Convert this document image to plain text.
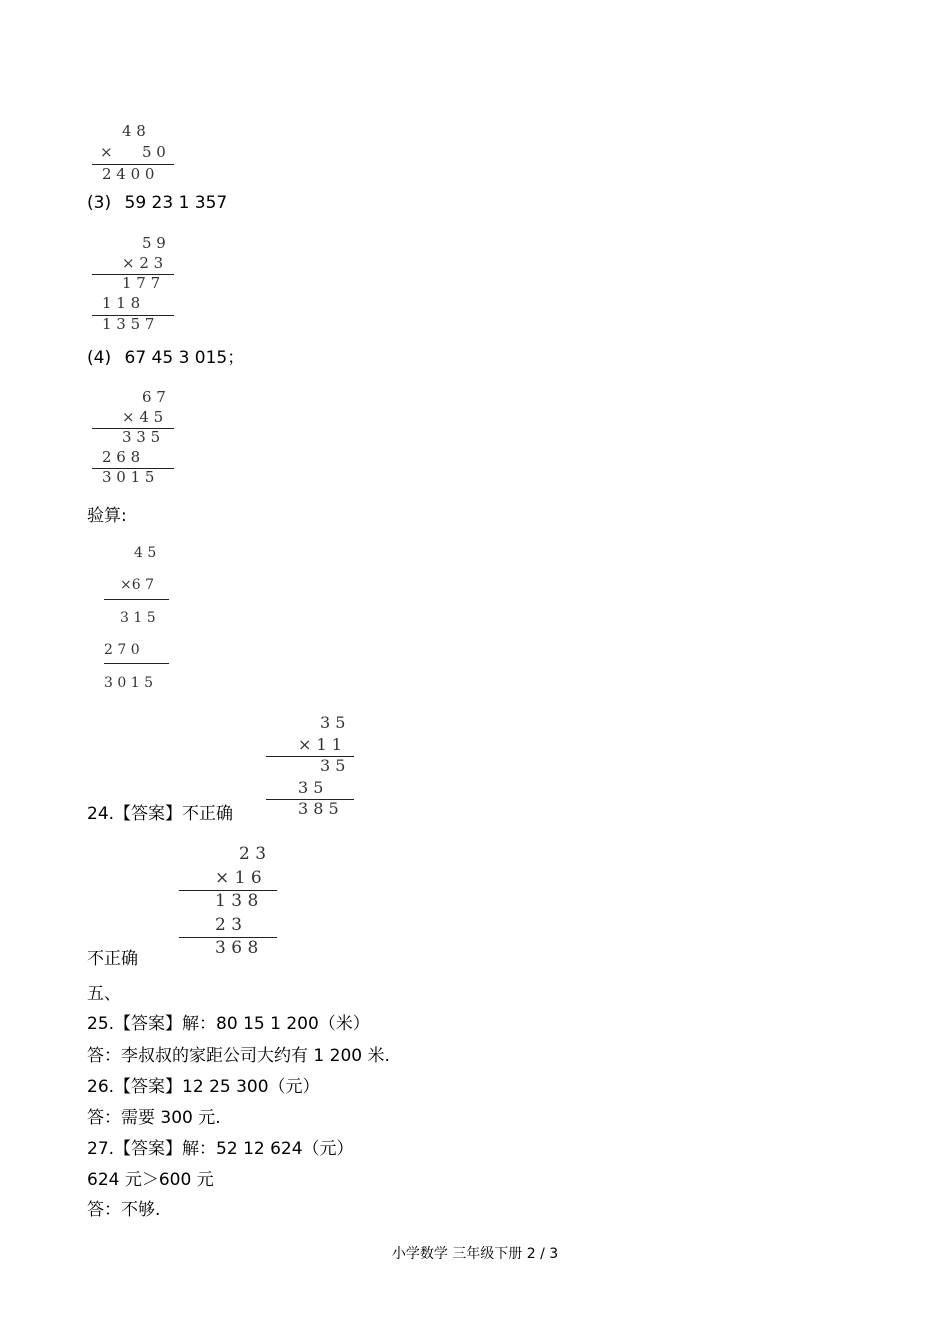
4 8
× 5 0
2 4 0 0
(3) 59 23 1 357
5 9
× 2 3
1 7 7
1 1 8
1 3 5 7
(4) 67 45 3 015；
6 7
× 4 5
3 3 5
2 6 8
3 0 1 5
验算:
4 5
×6 7
3 1 5
2 7 0
3 0 1 5
3 5
× 1 1
3 5
3 5
3 8 5
24.【答案】不正确
2 3
× 1 6
1 3 8
2 3
3 6 8
不正确
五、
25.【答案】解：80 15 1 200（米）
答：李叔叔的家距公司大约有 1 200 米.
26.【答案】12 25 300（元）
答：需要 300 元.
27.【答案】解：52 12 624（元）
624 元＞600 元
答：不够.
小学数学 三年级下册 2 / 3
